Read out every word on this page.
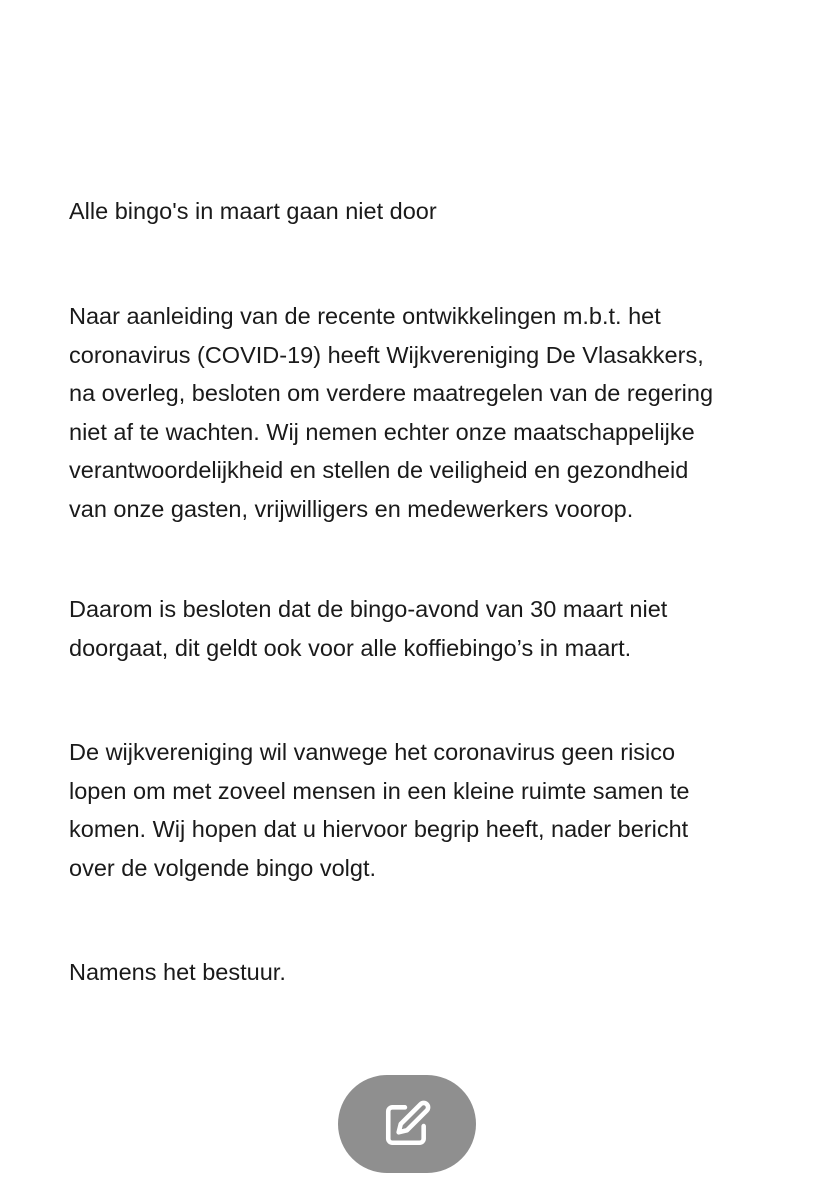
Alle bingo's in maart gaan niet door

Naar aanleiding van de recente ontwikkelingen m.b.t. het
coronavirus (COVID-19) heeft Wijkvereniging De Vlasakkers,
na overleg, besloten om verdere maatregelen van de regering
niet af te wachten. Wij nemen echter onze maatschappelijke
verantwoordelijkheid en stellen de veiligheid en gezondheid
van onze gasten, vrijwilligers en medewerkers voorop.

Daarom is besloten dat de bingo-avond van 30 maart niet
doorgaat, dit geldt ook voor alle koffiebingo’s in maart.

De wijkvereniging wil vanwege het coronavirus geen risico
lopen om met zoveel mensen in een kleine ruimte samen te
komen. Wij hopen dat u hiervoor begrip heeft, nader bericht
over de volgende bingo volgt.

Namens het bestuur.
